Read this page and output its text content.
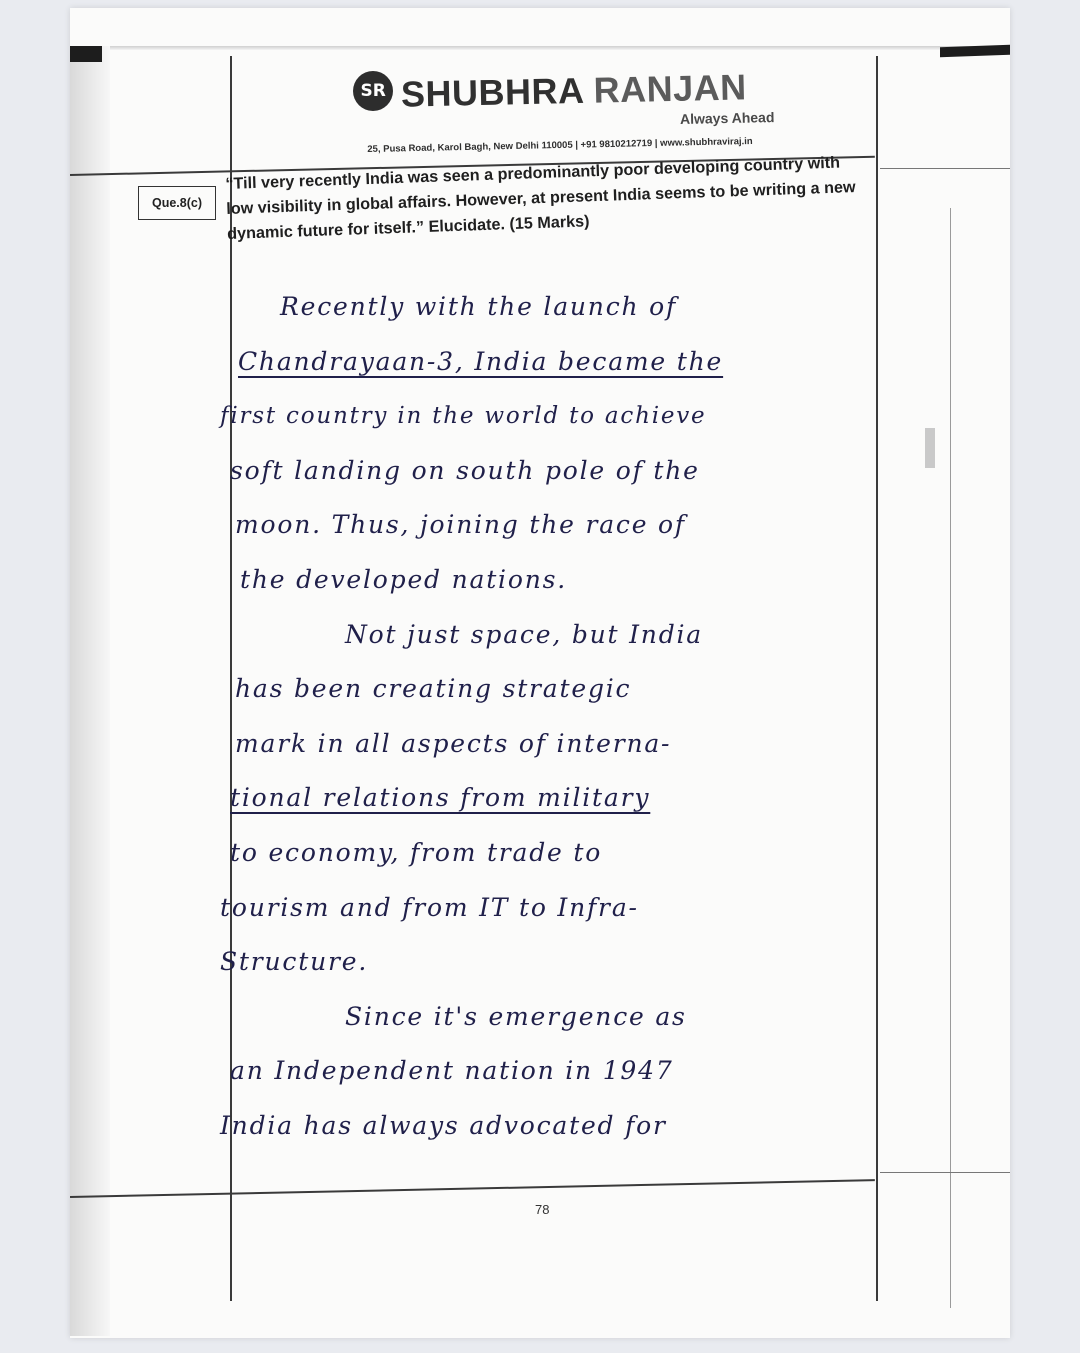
SR SHUBHRA RANJAN
Always Ahead
25, Pusa Road, Karol Bagh, New Delhi 110005 | +91 9810212719 | www.shubhraviraj.in
Que.8(c)
“Till very recently India was seen a predominantly poor developing country with low visibility in global affairs. However, at present India seems to be writing a new dynamic future for itself.” Elucidate. (15 Marks)
Recently with the launch of
Chandrayaan-3, India became the
first country in the world to achieve
soft landing on south pole of the
moon. Thus, joining the race of
the developed nations.
Not just space, but India
has been creating strategic
mark in all aspects of interna-
tional relations from military
to economy, from trade to
tourism and from IT to Infra-
Structure.
Since it's emergence as
an Independent nation in 1947
India has always advocated for
78
